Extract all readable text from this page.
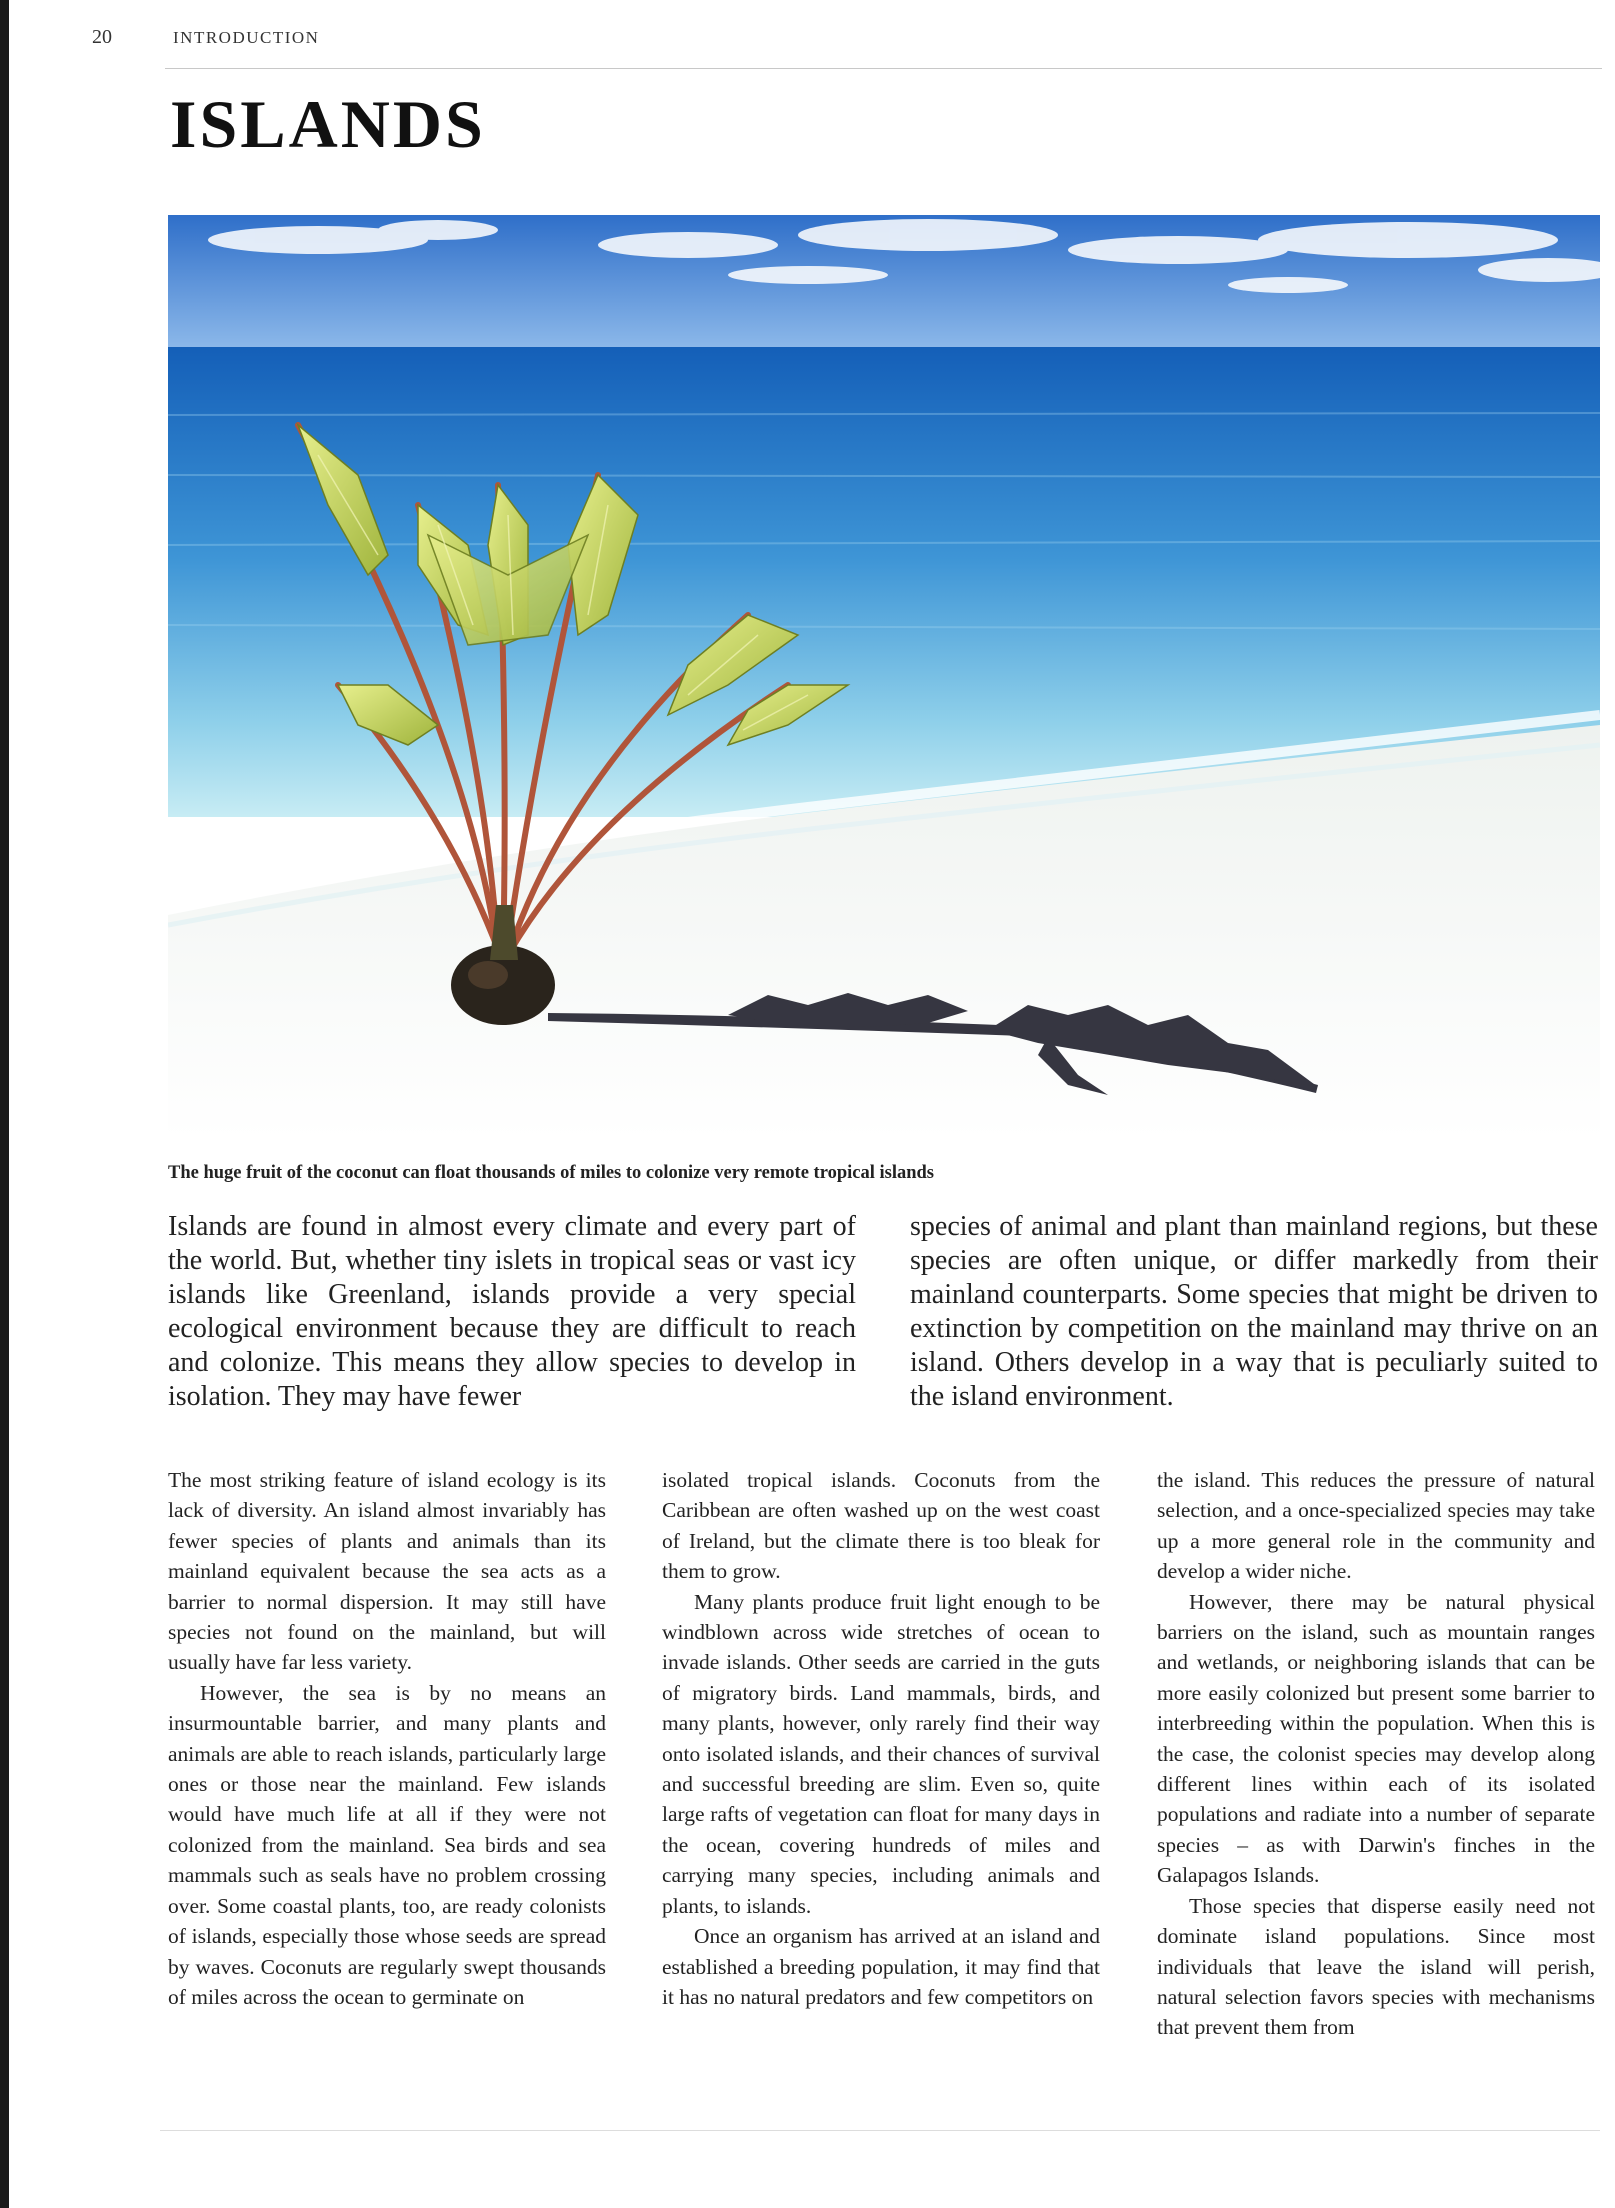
20	INTRODUCTION
ISLANDS
The huge fruit of the coconut can float thousands of miles to colonize very remote tropical islands

Islands are found in almost every climate and every part of the world. But, whether tiny islets in tropical seas or vast icy islands like Greenland, islands provide a very special ecological environment because they are difficult to reach and colonize. This means they allow species to develop in isolation. They may have fewer

species of animal and plant than mainland regions, but these species are often unique, or differ markedly from their mainland counterparts. Some species that might be driven to extinction by competition on the mainland may thrive on an island. Others develop in a way that is peculiarly suited to the island environment.

The most striking feature of island ecology is its lack of diversity. An island almost invariably has fewer species of plants and animals than its mainland equivalent because the sea acts as a barrier to normal dispersion. It may still have species not found on the mainland, but will usually have far less variety.

However, the sea is by no means an insurmountable barrier, and many plants and animals are able to reach islands, particularly large ones or those near the mainland. Few islands would have much life at all if they were not colonized from the mainland. Sea birds and sea mammals such as seals have no problem crossing over. Some coastal plants, too, are ready colonists of islands, especially those whose seeds are spread by waves. Coconuts are regularly swept thousands of miles across the ocean to germinate on

isolated tropical islands. Coconuts from the Caribbean are often washed up on the west coast of Ireland, but the climate there is too bleak for them to grow.

Many plants produce fruit light enough to be windblown across wide stretches of ocean to invade islands. Other seeds are carried in the guts of migratory birds. Land mammals, birds, and many plants, however, only rarely find their way onto isolated islands, and their chances of survival and successful breeding are slim. Even so, quite large rafts of vegetation can float for many days in the ocean, covering hundreds of miles and carrying many species, including animals and plants, to islands.

Once an organism has arrived at an island and established a breeding population, it may find that it has no natural predators and few competitors on

the island. This reduces the pressure of natural selection, and a once-specialized species may take up a more general role in the community and develop a wider niche.

However, there may be natural physical barriers on the island, such as mountain ranges and wetlands, or neighboring islands that can be more easily colonized but present some barrier to interbreeding within the population. When this is the case, the colonist species may develop along different lines within each of its isolated populations and radiate into a number of separate species – as with Darwin's finches in the Galapagos Islands.

Those species that disperse easily need not dominate island populations. Since most individuals that leave the island will perish, natural selection favors species with mechanisms that prevent them from
